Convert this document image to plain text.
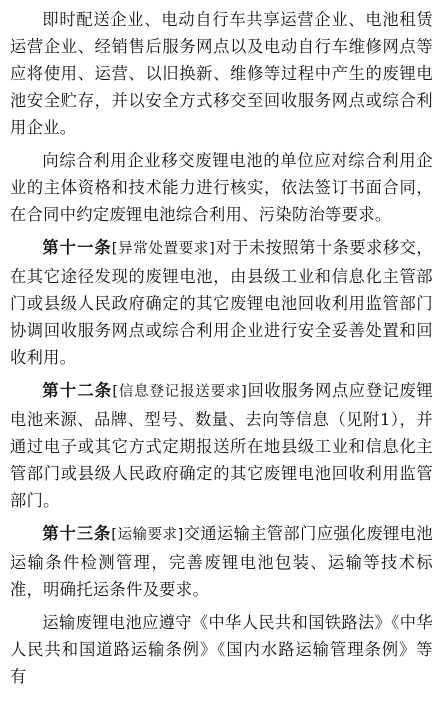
即时配送企业、电动自行车共享运营企业、电池租赁运营企业、经销售后服务网点以及电动自行车维修网点等应将使用、运营、以旧换新、维修等过程中产生的废锂电池安全贮存，并以安全方式移交至回收服务网点或综合利用企业。

向综合利用企业移交废锂电池的单位应对综合利用企业的主体资格和技术能力进行核实，依法签订书面合同，在合同中约定废锂电池综合利用、污染防治等要求。

第十一条[异常处置要求]对于未按照第十条要求移交，在其它途径发现的废锂电池，由县级工业和信息化主管部门或县级人民政府确定的其它废锂电池回收利用监管部门协调回收服务网点或综合利用企业进行安全妥善处置和回收利用。

第十二条[信息登记报送要求]回收服务网点应登记废锂电池来源、品牌、型号、数量、去向等信息（见附1），并通过电子或其它方式定期报送所在地县级工业和信息化主管部门或县级人民政府确定的其它废锂电池回收利用监管部门。

第十三条[运输要求]交通运输主管部门应强化废锂电池运输条件检测管理，完善废锂电池包装、运输等技术标准，明确托运条件及要求。

运输废锂电池应遵守《中华人民共和国铁路法》《中华人民共和国道路运输条例》《国内水路运输管理条例》等有
